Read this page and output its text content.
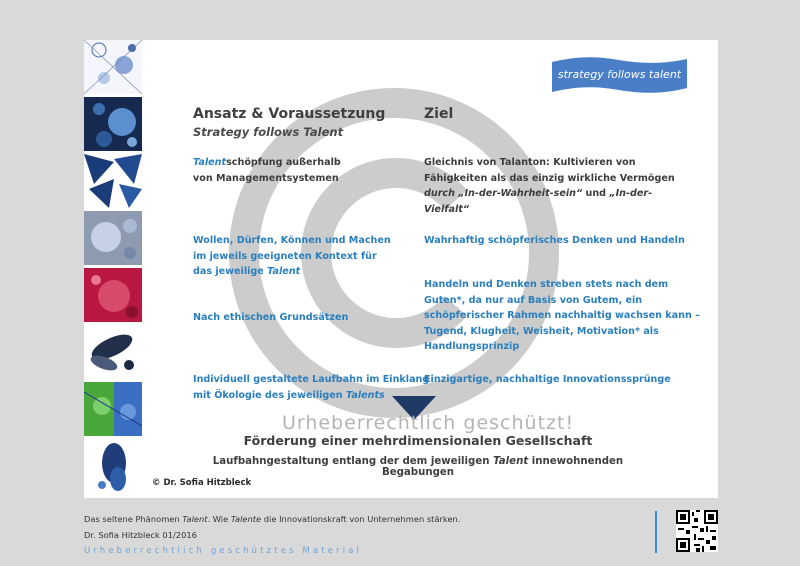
strategy follows talent
Ansatz & Voraussetzung
Strategy follows Talent
Ziel
Talentschöpfung außerhalb
von Managementsystemen
Wollen, Dürfen, Können und Machen
im jeweils geeigneten Kontext für
das jeweilige Talent
Nach ethischen Grundsätzen
Individuell gestaltete Laufbahn im Einklang
mit Ökologie des jeweiligen Talents
Gleichnis von Talanton: Kultivieren von
Fähigkeiten als das einzig wirkliche Vermögen
durch „In-der-Wahrheit-sein“ und „In-der-
Vielfalt“
Wahrhaftig schöpferisches Denken und Handeln
Handeln und Denken streben stets nach dem
Guten*, da nur auf Basis von Gutem, ein
schöpferischer Rahmen nachhaltig wachsen kann –
Tugend, Klugheit, Weisheit, Motivation* als
Handlungsprinzip
Einzigartige, nachhaltige Innovationssprünge
Urheberrechtlich geschützt!
Förderung einer mehrdimensionalen Gesellschaft
Laufbahngestaltung entlang der dem jeweiligen Talent innewohnenden Begabungen
© Dr. Sofia Hitzbleck
Das seltene Phänomen Talent. Wie Talente die Innovationskraft von Unternehmen stärken.
Dr. Sofia Hitzbleck 01/2016
Urheberrechtlich geschütztes Material
